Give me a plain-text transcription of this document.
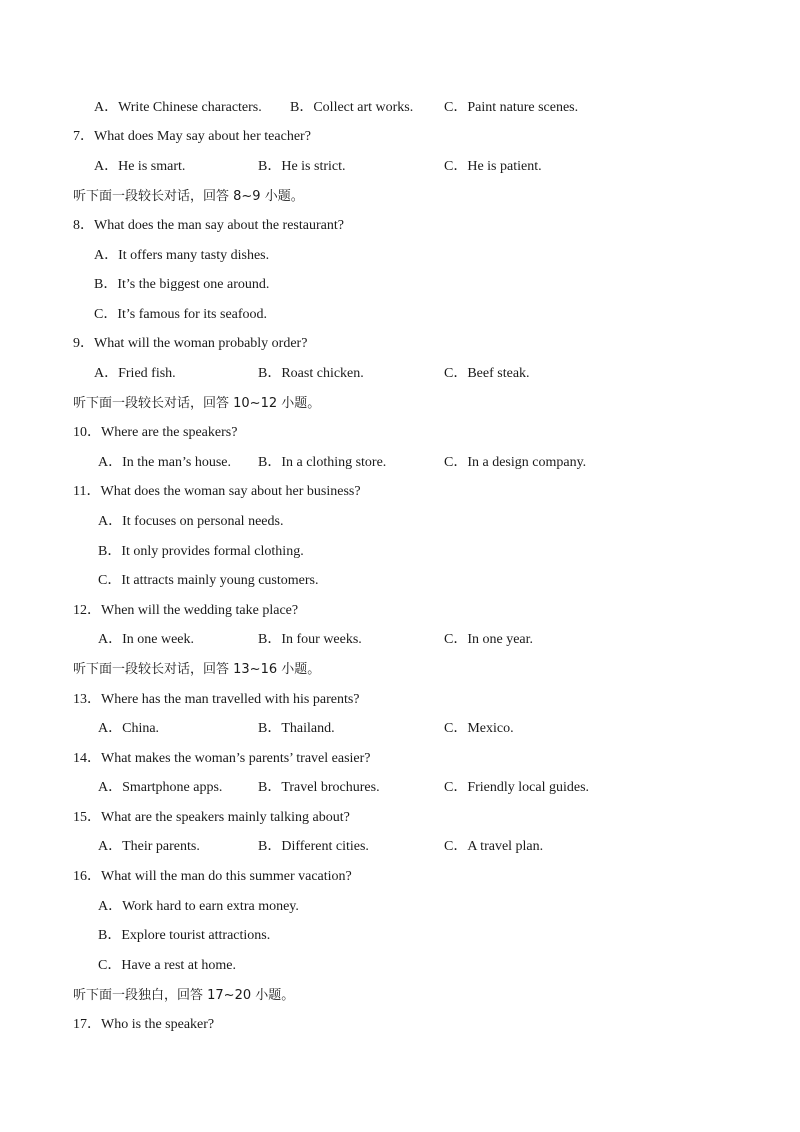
A．Write Chinese characters. B．Collect art works. C．Paint nature scenes.
7．What does May say about her teacher?
A．He is smart.	B．He is strict.	C．He is patient.
听下面一段较长对话，回答 8~9 小题。
8．What does the man say about the restaurant?
A．It offers many tasty dishes.
B．It’s the biggest one around.
C．It’s famous for its seafood.
9．What will the woman probably order?
A．Fried fish.	B．Roast chicken.	C．Beef steak.
听下面一段较长对话，回答 10~12 小题。
10．Where are the speakers?
A．In the man’s house. B．In a clothing store.	C．In a design company.
11．What does the woman say about her business?
A．It focuses on personal needs.
B．It only provides formal clothing.
C．It attracts mainly young customers.
12．When will the wedding take place?
A．In one week.	B．In four weeks.	C．In one year.
听下面一段较长对话，回答 13~16 小题。
13．Where has the man travelled with his parents?
A．China.	B．Thailand.	C．Mexico.
14．What makes the woman’s parents’ travel easier?
A．Smartphone apps.	B．Travel brochures.	C．Friendly local guides.
15．What are the speakers mainly talking about?
A．Their parents.	B．Different cities.	C．A travel plan.
16．What will the man do this summer vacation?
A．Work hard to earn extra money.
B．Explore tourist attractions.
C．Have a rest at home.
听下面一段独白，回答 17~20 小题。
17．Who is the speaker?
